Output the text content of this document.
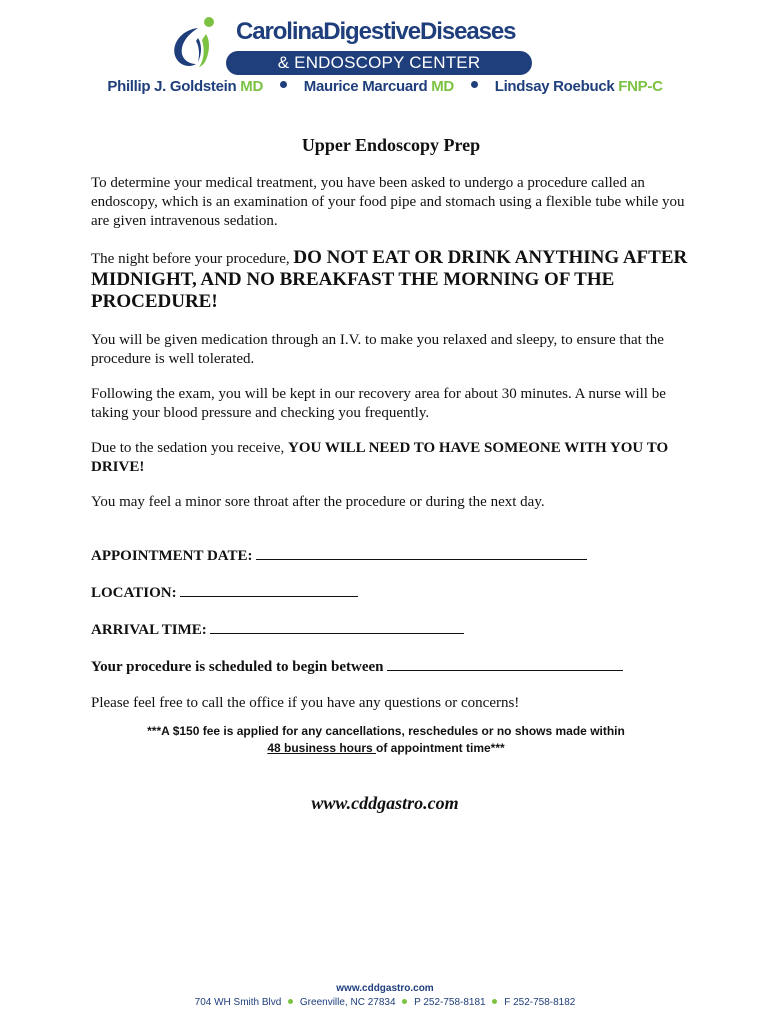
CarolinaDigestiveDiseases
& ENDOSCOPY CENTER
Phillip J. Goldstein MD	Maurice Marcuard MD	Lindsay Roebuck FNP-C
Upper Endoscopy Prep

To determine your medical treatment, you have been asked to undergo a procedure called an endoscopy, which is an examination of your food pipe and stomach using a flexible tube while you are given intravenous sedation.

The night before your procedure, DO NOT EAT OR DRINK ANYTHING AFTER MIDNIGHT, AND NO BREAKFAST THE MORNING OF THE PROCEDURE!

You will be given medication through an I.V. to make you relaxed and sleepy, to ensure that the procedure is well tolerated.

Following the exam, you will be kept in our recovery area for about 30 minutes. A nurse will be taking your blood pressure and checking you frequently.

Due to the sedation you receive, YOU WILL NEED TO HAVE SOMEONE WITH YOU TO DRIVE!

You may feel a minor sore throat after the procedure or during the next day.

APPOINTMENT DATE:
LOCATION:
ARRIVAL TIME:
Your procedure is scheduled to begin between

Please feel free to call the office if you have any questions or concerns!

***A $150 fee is applied for any cancellations, reschedules or no shows made within
48 business hours of appointment time***
www.cddgastro.com
www.cddgastro.com
704 WH Smith Blvd Greenville, NC 27834 P 252-758-8181 F 252-758-8182
